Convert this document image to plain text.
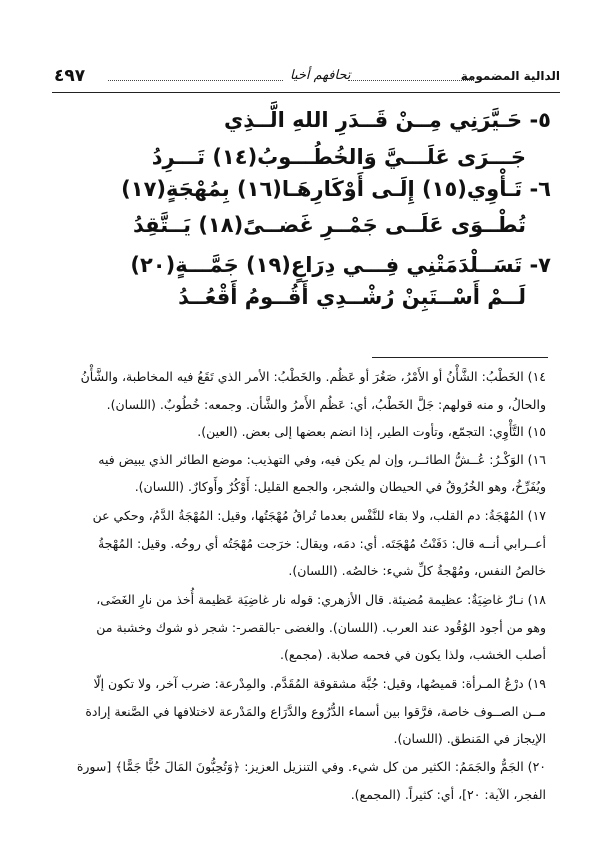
٤٩٧	تحافهم أخيا	الدالية المضمومة
٥- حَـيَّرَنِي مِــنْ قَــدَرِ اللهِ الَّــذِي
جَـــرَى عَلَـــيَّ وَالخُطُـــوبُ(١٤) تَـــرِدُ
٦- تَـأْوِي(١٥) إِلَـى أَوْكَارِهَـا(١٦) بِمُهْجَةٍ(١٧)
تُطْــوَى عَلَــى جَمْــرِ غَضــىً(١٨) يَــتَّقِدُ
٧- تَسَــلْدَمَتْنِي فِـــي دِرَاعٍ(١٩) جَمَّـــةٍ(٢٠)
لَــمْ أَسْــتَبِنْ رُشْــدِي أَقُــومُ أَقْعُــدُ
١٤) الخَطْبُ: الشَّأْنُ أو الأَمْرُ، صَغُرَ أو عَظُم. والخَطْبُ: الأمر الذي تَقَعُ فيه المخاطبة، والشَّأْنُ
والحالُ، و منه قولهم: جَلَّ الخَطْبُ، أي: عَظُم الأَمرُ والشَّأن. وجمعه: خُطُوبٌ. (اللسان).
١٥) التَّأْوِي: التجمّع، وتأوت الطير، إذا انضم بعضها إلى بعض. (العين).
١٦) الوَكْـرُ: عُــشُّ الطائــر، وإن لم يكن فيه، وفي التهذيب: موضع الطائر الذي يبيض فيه
ويُفَرِّخُ، وهو الخُرُوقُ في الحيطان والشجر، والجمع القليل: أَوْكُرٌ وأَوكارٌ. (اللسان).
١٧) المُهْجَةُ: دم القلب، ولا بقاء للنَّفْس بعدما تُراقُ مُهْجَتُها، وقيل: المُهْجَةُ الدَّمُ، وحكي عن
أعــرابي أنــه قال: دَفَنْتُ مُهْجَتَه. أي: دمَه، ويقال: خرَجت مُهْجَتُه أي روحُه. وقيل: المُهْجةُ
خالصُ النفس، ومُهْجةُ كلِّ شيء: خالصُه. (اللسان).
١٨) نـارٌ غاضِيَةٌ: عظيمة مُضيئة. قال الأزهري: قوله نار غاضِيَة عَظيمة أُخذ من نارِ الغَضَى،
وهو من أجود الوُقُود عند العرب. (اللسان). والغضى -بالقصر-: شجر ذو شوك وخشبة من
أصلب الخشب، ولذا يكون في فحمه صلابة. (مجمع).
١٩) درْعُ المـرأة: قميصُها، وقيل: جُبَّة مشقوقة المُقَدَّم. والمِدْرعة: ضرب آخر، ولا تكون إلّا
مــن الصــوف خاصة، فرَّقوا بين أسماء الدُّرُوع والدَّرَاع والمَدْرعة لاختلافها في الصَّنعة إرادة
الإيجاز في المَنطق. (اللسان).
٢٠) الجَمُّ والجَمَمُ: الكثير من كل شيء. وفي التنزيل العزيز: ﴿وَتُحِبُّونَ المَالَ حُبًّا جَمًّا﴾ [سورة
الفجر، الآية: ٢٠]، أي: كثيراً. (المجمع).
